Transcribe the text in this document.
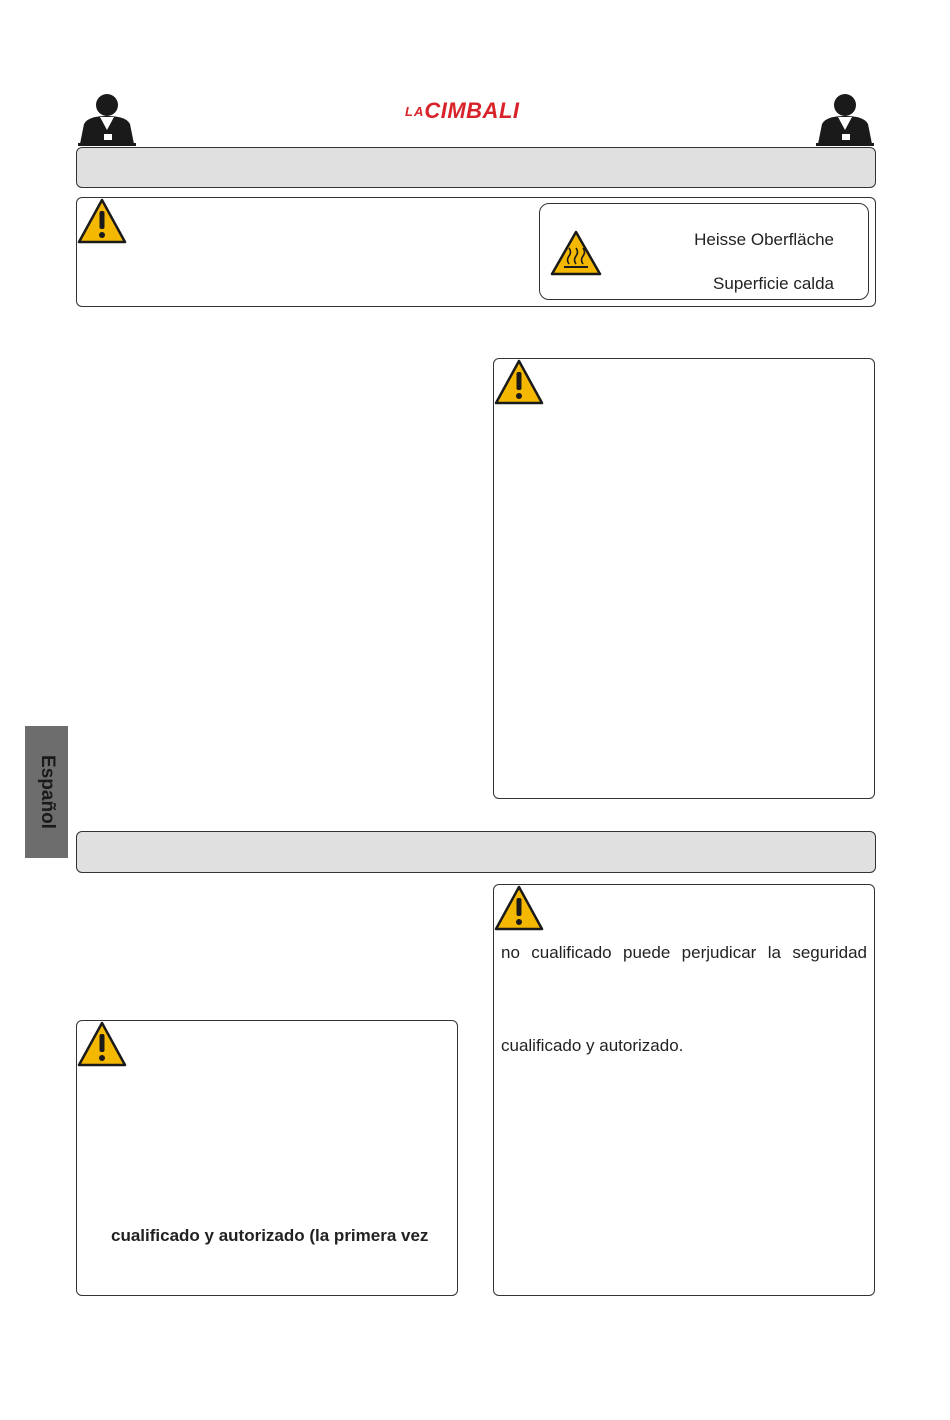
LACIMBALI
Heisse Oberfläche
Superficie calda
Español
no cualificado puede perjudicar la seguridad
cualificado y autorizado.
cualificado y autorizado (la primera vez
